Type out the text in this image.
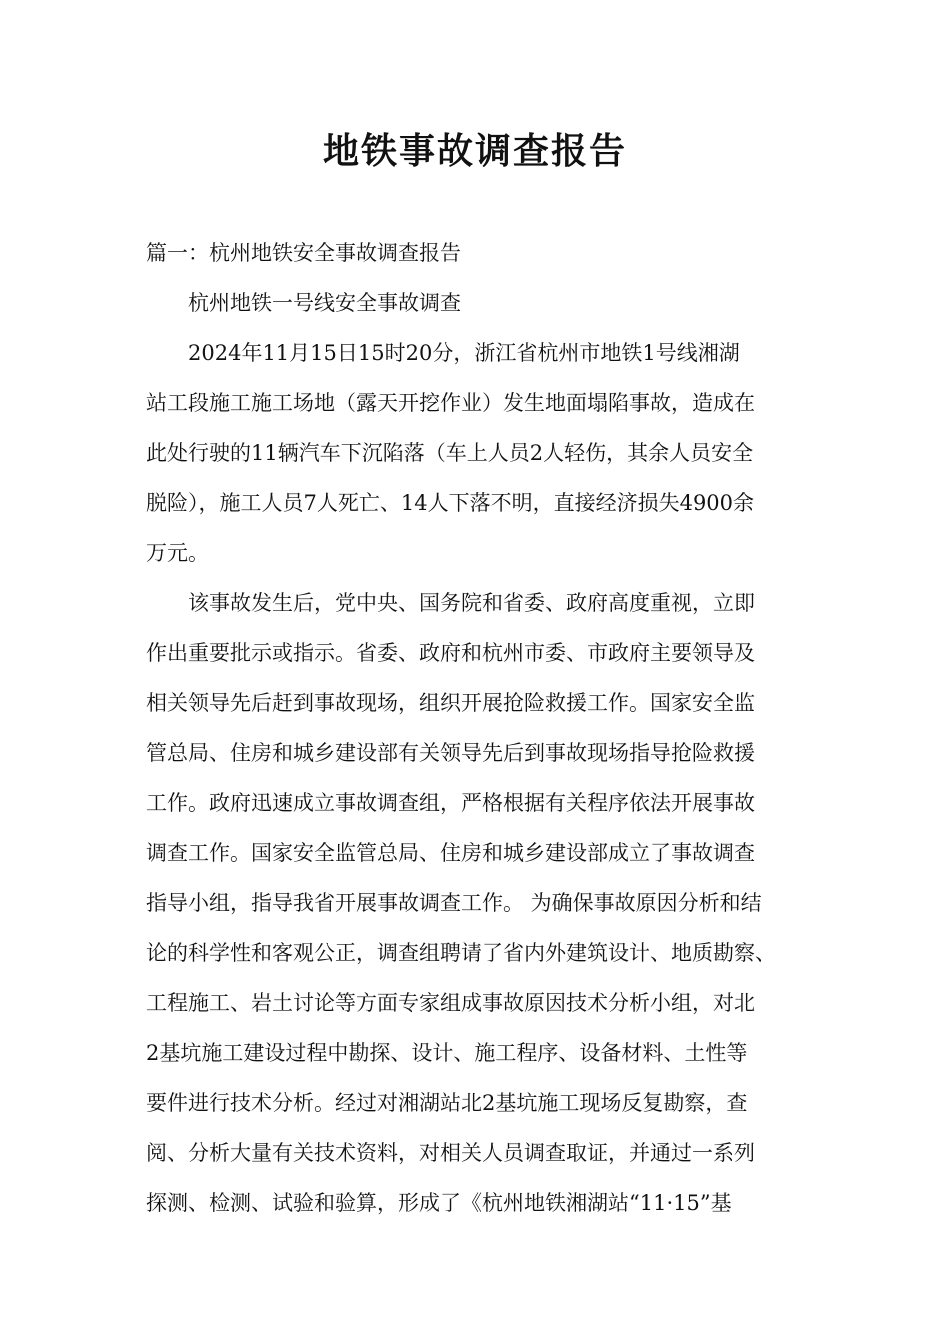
地铁事故调查报告
篇一：杭州地铁安全事故调查报告
杭州地铁一号线安全事故调查
2024年11月15日15时20分，浙江省杭州市地铁1号线湘湖
站工段施工施工场地（露天开挖作业）发生地面塌陷事故，造成在
此处行驶的11辆汽车下沉陷落（车上人员2人轻伤，其余人员安全
脱险），施工人员7人死亡、14人下落不明，直接经济损失4900余
万元。
该事故发生后，党中央、国务院和省委、政府高度重视，立即
作出重要批示或指示。省委、政府和杭州市委、市政府主要领导及
相关领导先后赶到事故现场，组织开展抢险救援工作。国家安全监
管总局、住房和城乡建设部有关领导先后到事故现场指导抢险救援
工作。政府迅速成立事故调查组，严格根据有关程序依法开展事故
调查工作。国家安全监管总局、住房和城乡建设部成立了事故调查
指导小组，指导我省开展事故调查工作。 为确保事故原因分析和结
论的科学性和客观公正，调查组聘请了省内外建筑设计、地质勘察、
工程施工、岩土讨论等方面专家组成事故原因技术分析小组，对北
2基坑施工建设过程中勘探、设计、施工程序、设备材料、土性等
要件进行技术分析。经过对湘湖站北2基坑施工现场反复勘察，查
阅、分析大量有关技术资料，对相关人员调查取证，并通过一系列
探测、检测、试验和验算，形成了《杭州地铁湘湖站“11·15”基
